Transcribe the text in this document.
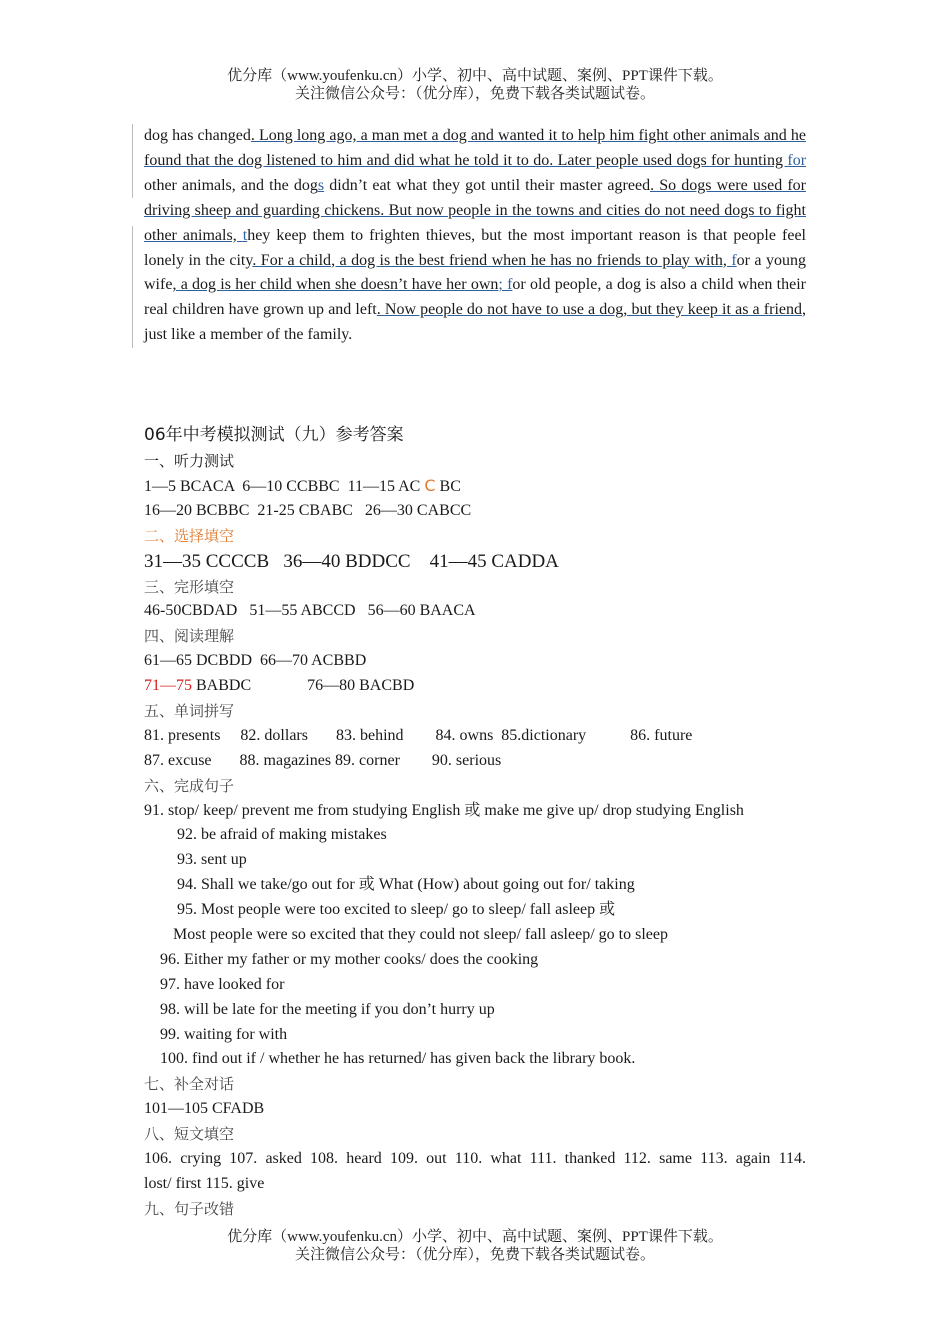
优分库（www.youfenku.cn）小学、初中、高中试题、案例、PPT课件下载。
关注微信公众号：（优分库），免费下载各类试题试卷。
dog has changed. Long long ago, a man met a dog and wanted it to help him fight other animals and he found that the dog listened to him and did what he told it to do. Later people used dogs for hunting for other animals, and the dogs didn’t eat what they got until their master agreed. So dogs were used for driving sheep and guarding chickens. But now people in the towns and cities do not need dogs to fight other animals, they keep them to frighten thieves, but the most important reason is that people feel lonely in the city. For a child, a dog is the best friend when he has no friends to play with, for a young wife, a dog is her child when she doesn’t have her own; for old people, a dog is also a child when their real children have grown up and left. Now people do not have to use a dog, but they keep it as a friend, just like a member of the family.
06年中考模拟测试（九）参考答案
一、听力测试
1—5 BCACA  6—10 CCBBC  11—15 AC C BC
16—20 BCBBC  21-25 CBABC   26—30 CABCC
二、选择填空
31—35 CCCCB   36—40 BDDCC    41—45 CADDA
三、完形填空
46-50CBDAD   51—55 ABCCD   56—60 BAACA
四、阅读理解
61—65 DCBDD  66—70 ACBBD
71—75 BABDC              76—80 BACBD
五、单词拼写
81. presents     82. dollars       83. behind        84. owns  85.dictionary           86. future
87. excuse       88. magazines 89. corner        90. serious
六、完成句子
91. stop/ keep/ prevent me from studying English 或 make me give up/ drop studying English
92. be afraid of making mistakes
93. sent up
94. Shall we take/go out for 或 What (How) about going out for/ taking
95. Most people were too excited to sleep/ go to sleep/ fall asleep 或
Most people were so excited that they could not sleep/ fall asleep/ go to sleep
96. Either my father or my mother cooks/ does the cooking
97. have looked for
98. will be late for the meeting if you don’t hurry up
99. waiting for with
100. find out if / whether he has returned/ has given back the library book.
七、补全对话
101—105 CFADB
八、短文填空
106. crying 107. asked 108. heard 109. out 110. what 111. thanked 112. same 113. again 114.
lost/ first 115. give
九、句子改错
优分库（www.youfenku.cn）小学、初中、高中试题、案例、PPT课件下载。
关注微信公众号：（优分库），免费下载各类试题试卷。
